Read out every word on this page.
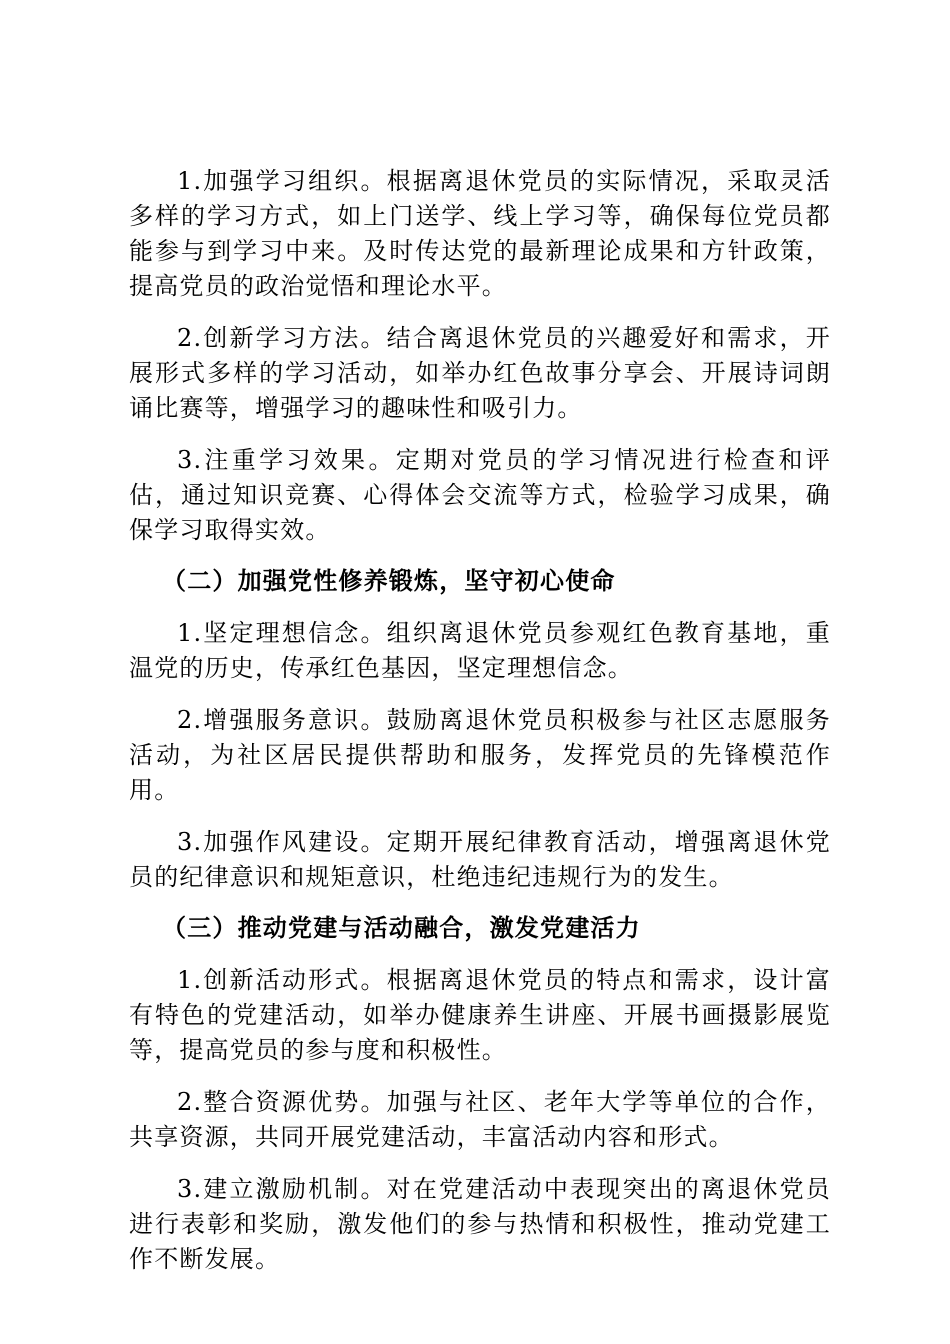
1.加强学习组织。根据离退休党员的实际情况，采取灵活多样的学习方式，如上门送学、线上学习等，确保每位党员都能参与到学习中来。及时传达党的最新理论成果和方针政策，提高党员的政治觉悟和理论水平。

2.创新学习方法。结合离退休党员的兴趣爱好和需求，开展形式多样的学习活动，如举办红色故事分享会、开展诗词朗诵比赛等，增强学习的趣味性和吸引力。

3.注重学习效果。定期对党员的学习情况进行检查和评估，通过知识竞赛、心得体会交流等方式，检验学习成果，确保学习取得实效。

（二）加强党性修养锻炼，坚守初心使命

1.坚定理想信念。组织离退休党员参观红色教育基地，重温党的历史，传承红色基因，坚定理想信念。

2.增强服务意识。鼓励离退休党员积极参与社区志愿服务活动，为社区居民提供帮助和服务，发挥党员的先锋模范作用。

3.加强作风建设。定期开展纪律教育活动，增强离退休党员的纪律意识和规矩意识，杜绝违纪违规行为的发生。

（三）推动党建与活动融合，激发党建活力

1.创新活动形式。根据离退休党员的特点和需求，设计富有特色的党建活动，如举办健康养生讲座、开展书画摄影展览等，提高党员的参与度和积极性。

2.整合资源优势。加强与社区、老年大学等单位的合作，共享资源，共同开展党建活动，丰富活动内容和形式。

3.建立激励机制。对在党建活动中表现突出的离退休党员进行表彰和奖励，激发他们的参与热情和积极性，推动党建工作不断发展。
